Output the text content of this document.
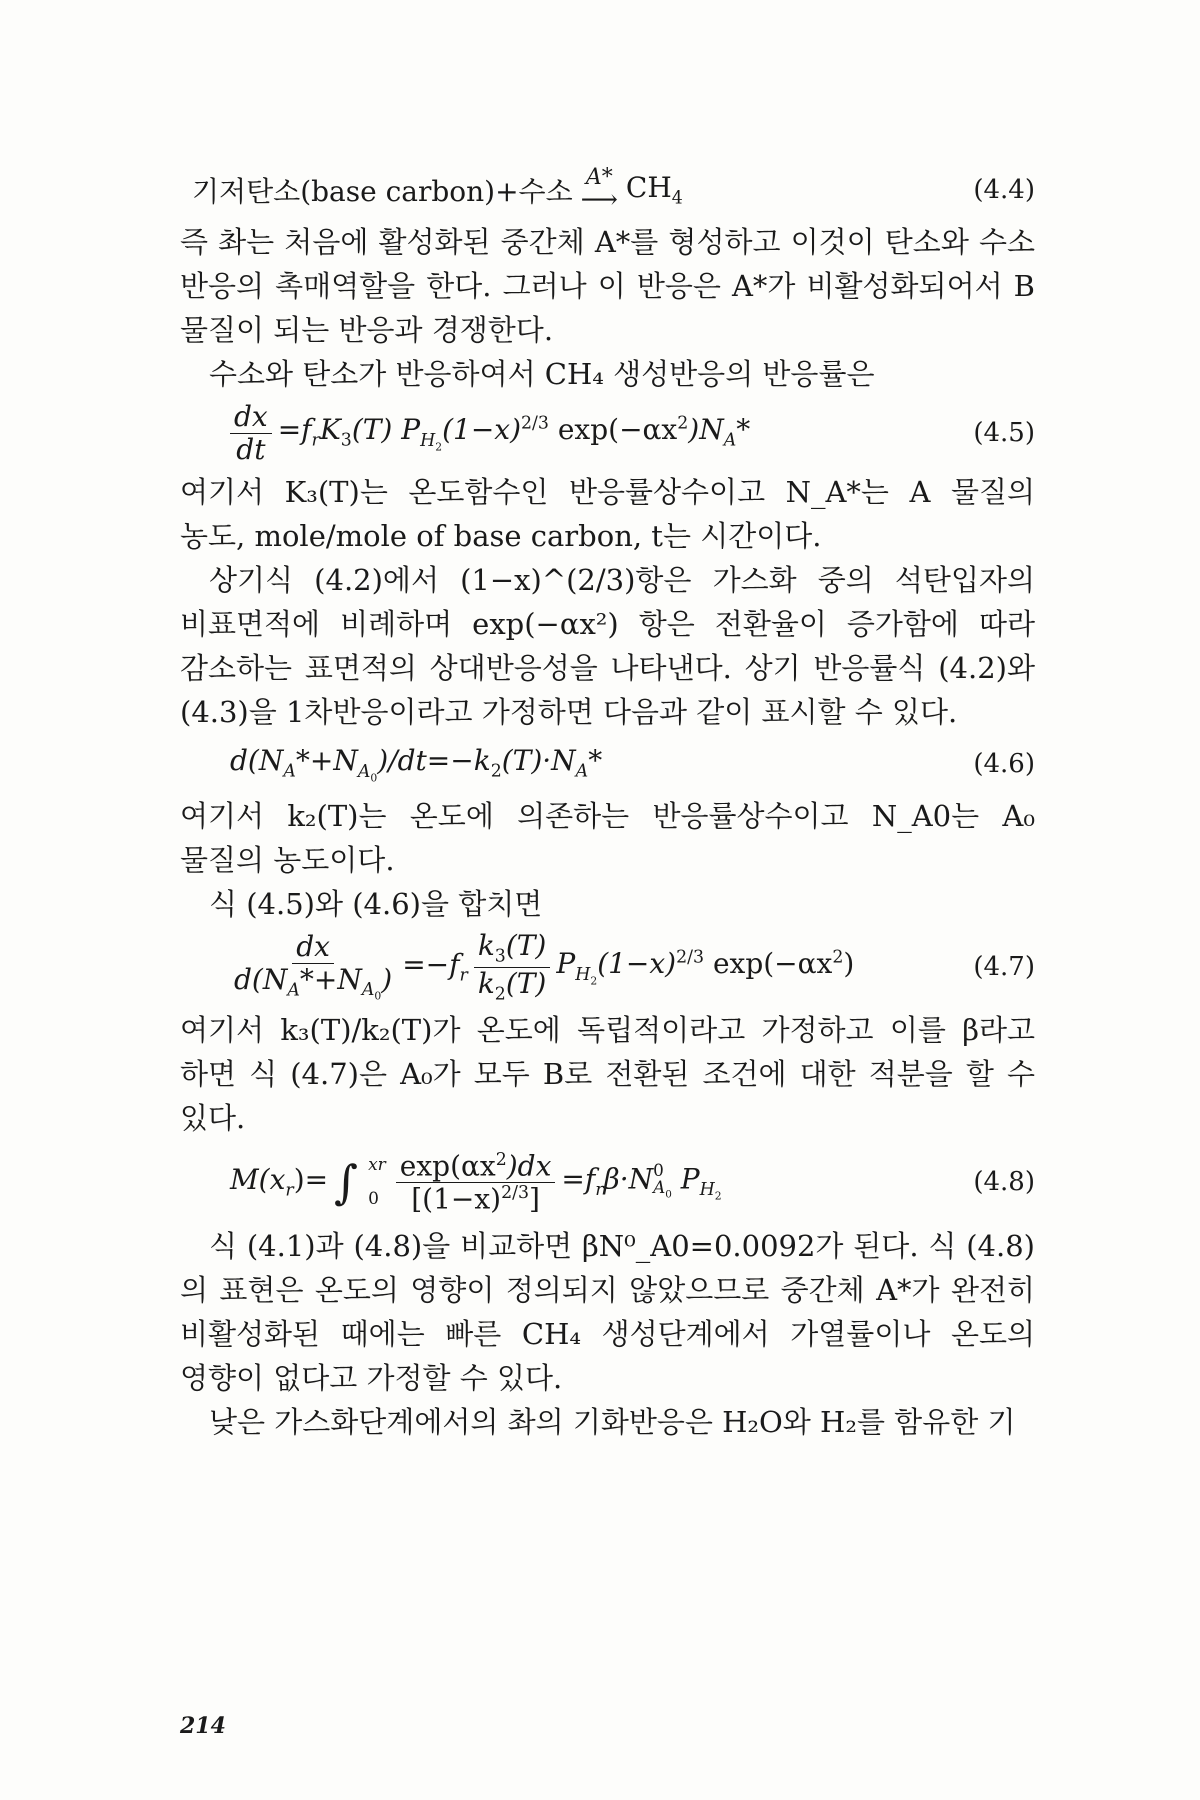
기저탄소(base carbon)+수소 A*
⟶ $CH_4$	(4.4)

즉 촤는 처음에 활성화된 중간체 A*를 형성하고 이것이 탄소와 수소 반응의 촉매역할을 한다. 그러나 이 반응은 A*가 비활성화되어서 B 물질이 되는 반응과 경쟁한다.

수소와 탄소가 반응하여서 CH₄ 생성반응의 반응률은

$\frac{dx}{dt} =f_rK_3(T)$ $P_{H_2}(1-x)^{2/3}$ $\exp(-\alpha x^2)N_A*$	(4.5)

여기서 K₃(T)는 온도함수인 반응률상수이고 N_A*는 A 물질의 농도, mole/mole of base carbon, t는 시간이다.

상기식 (4.2)에서 (1−x)^(2/3)항은 가스화 중의 석탄입자의 비표면적에 비례하며 exp(−αx²) 항은 전환율이 증가함에 따라 감소하는 표면적의 상대반응성을 나타낸다. 상기 반응률식 (4.2)와 (4.3)을 1차반응이라고 가정하면 다음과 같이 표시할 수 있다.

$d(N_A*+N_{A_0})/dt=-k_2(T)\cdot N_A*$	(4.6)

여기서 k₂(T)는 온도에 의존하는 반응률상수이고 N_A0는 A₀ 물질의 농도이다.

식 (4.5)와 (4.6)을 합치면

$\frac{dx}{d(N_A*+N_{A_0})} =-f_r \frac{k_3(T)}{k_2(T)} P_{H_2}(1-x)^{2/3}$ $\exp(-\alpha x^2)$	(4.7)

여기서 k₃(T)/k₂(T)가 온도에 독립적이라고 가정하고 이를 β라고 하면 식 (4.7)은 A₀가 모두 B로 전환된 조건에 대한 적분을 할 수 있다.

$M(x_r)=$ ∫ xr
$0 \frac{\exp(\alpha x^2)dx}{[(1-x)^{2/3}]} =f_r\beta\cdot N$ 0
$A_0$ $P_{H_2}$	(4.8)

식 (4.1)과 (4.8)을 비교하면 βN⁰_A0=0.0092가 된다. 식 (4.8)의 표현은 온도의 영향이 정의되지 않았으므로 중간체 A*가 완전히 비활성화된 때에는 빠른 CH₄ 생성단계에서 가열률이나 온도의 영향이 없다고 가정할 수 있다.

낮은 가스화단계에서의 촤의 기화반응은 H₂O와 H₂를 함유한 기

214
